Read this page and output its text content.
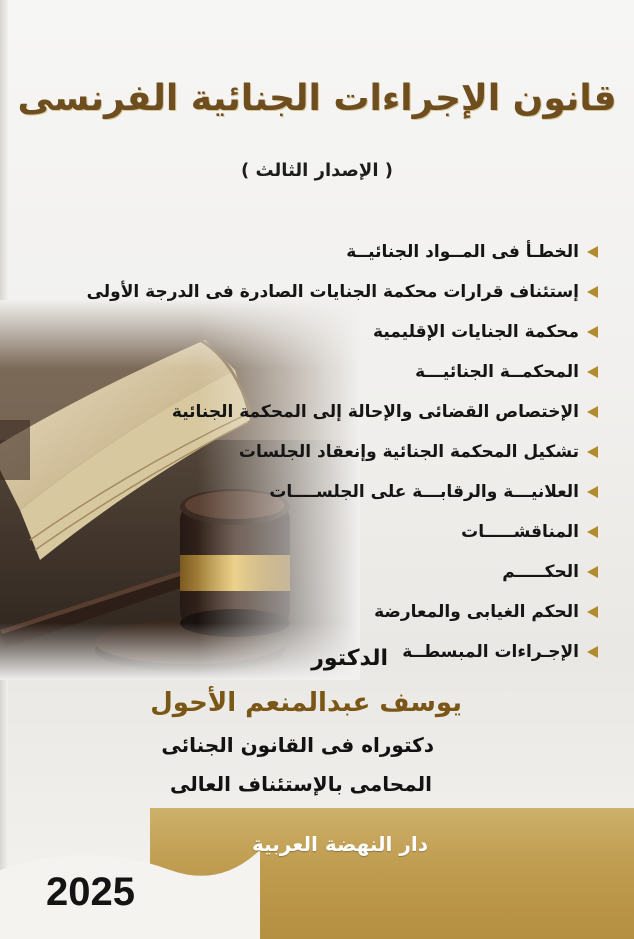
قانون الإجراءات الجنائية الفرنسى
( الإصدار الثالث )
الخطـأ فى المــواد الجنائيــة
إستئناف قرارات محكمة الجنايات الصادرة فى الدرجة الأولى
محكمة الجنايات الإقليمية
المحكمــة الجنائيـــة
الإختصاص القضائى والإحالة إلى المحكمة الجنائية
تشكيل المحكمة الجنائية وإنعقاد الجلسات
العلانيـــة والرقابـــة على الجلســــات
المناقشـــــات
الحكـــــم
الحكم الغيابى والمعارضة
الإجـراءات المبسطــة
الدكتور
يوسف عبدالمنعم الأحول
دكتوراه فى القانون الجنائى
المحامى بالإستئناف العالى
دار النهضة العربية
2025
